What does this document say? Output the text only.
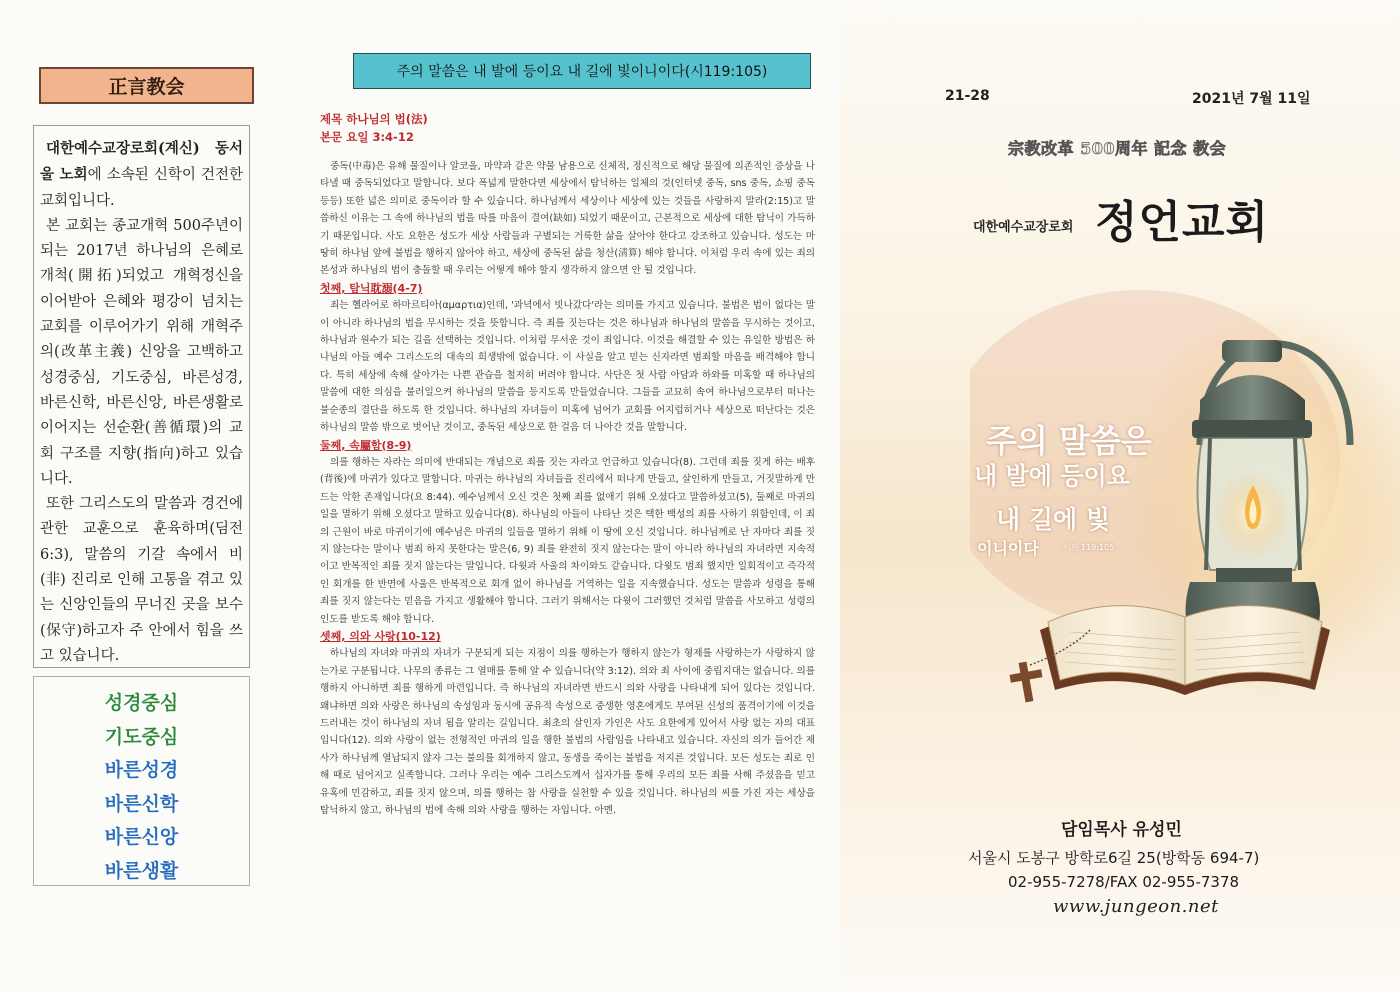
正言教会

대한예수교장로회(계신) 동서울 노회에 소속된 신학이 건전한 교회입니다.

본 교회는 종교개혁 500주년이 되는 2017년 하나님의 은혜로 개척(開拓)되었고 개혁정신을 이어받아 은혜와 평강이 넘치는 교회를 이루어가기 위해 개혁주의(改革主義) 신앙을 고백하고 성경중심, 기도중심, 바른성경, 바른신학, 바른신앙, 바른생활로 이어지는 선순환(善循環)의 교회 구조를 지향(指向)하고 있습니다.

또한 그리스도의 말씀과 경건에 관한 교훈으로 훈육하며(딤전 6:3), 말씀의 기갈 속에서 비(非) 진리로 인해 고통을 겪고 있는 신앙인들의 무너진 곳을 보수(保守)하고자 주 안에서 힘을 쓰고 있습니다.

성경중심
기도중심
바른성경
바른신학
바른신앙
바른생활
주의 말씀은 내 발에 등이요 내 길에 빛이니이다(시119:105)
제목 하나님의 법(法)
본문 요일 3:4-12

중독(中毒)은 유해 물질이나 알코올, 마약과 같은 약물 남용으로 신체적, 정신적으로 해당 물질에 의존적인 증상을 나타낼 때 중독되었다고 말합니다. 보다 폭넓게 말한다면 세상에서 탐닉하는 일체의 것(인터넷 중독, sns 중독, 쇼핑 중독 등등) 또한 넓은 의미로 중독이라 할 수 있습니다. 하나님께서 세상이나 세상에 있는 것들을 사랑하지 말라(2:15)고 말씀하신 이유는 그 속에 하나님의 법을 따를 마음이 결여(缺如) 되었기 때문이고, 근본적으로 세상에 대한 탐닉이 가득하기 때문입니다. 사도 요한은 성도가 세상 사람들과 구별되는 거룩한 삶을 살아야 한다고 강조하고 있습니다. 성도는 마땅히 하나님 앞에 불법을 행하지 않아야 하고, 세상에 중독된 삶을 청산(淸算) 해야 합니다. 이처럼 우리 속에 있는 죄의 본성과 하나님의 법이 충돌할 때 우리는 어떻게 해야 할지 생각하지 않으면 안 될 것입니다.

첫째, 탐닉耽溺(4-7)

죄는 헬라어로 하마르티아(αμαρτια)인데, '과녁에서 빗나갔다'라는 의미를 가지고 있습니다. 불법은 법이 없다는 말이 아니라 하나님의 법을 무시하는 것을 뜻합니다. 즉 죄를 짓는다는 것은 하나님과 하나님의 말씀을 무시하는 것이고, 하나님과 원수가 되는 길을 선택하는 것입니다. 이처럼 무서운 것이 죄입니다. 이것을 해결할 수 있는 유일한 방법은 하나님의 아들 예수 그리스도의 대속의 희생밖에 없습니다. 이 사실을 알고 믿는 신자라면 범죄할 마음을 배격해야 합니다. 특히 세상에 속해 살아가는 나쁜 관습을 철저히 버려야 합니다. 사단은 첫 사람 아담과 하와를 미혹할 때 하나님의 말씀에 대한 의심을 불러일으켜 하나님의 말씀을 등지도록 만들었습니다. 그들을 교묘히 속여 하나님으로부터 떠나는 불순종의 결단을 하도록 한 것입니다. 하나님의 자녀들이 미혹에 넘어가 교회를 어지럽히거나 세상으로 떠난다는 것은 하나님의 말씀 밖으로 벗어난 것이고, 중독된 세상으로 한 걸음 더 나아간 것을 말합니다.

둘째, 속屬함(8-9)

의를 행하는 자라는 의미에 반대되는 개념으로 죄를 짓는 자라고 언급하고 있습니다(8). 그런데 죄를 짓게 하는 배후(背後)에 마귀가 있다고 말합니다. 마귀는 하나님의 자녀들을 진리에서 떠나게 만들고, 살인하게 만들고, 거짓말하게 만드는 악한 존재입니다(요 8:44). 예수님께서 오신 것은 첫째 죄를 없애기 위해 오셨다고 말씀하셨고(5), 둘째로 마귀의 일을 멸하기 위해 오셨다고 말하고 있습니다(8). 하나님의 아들이 나타난 것은 택한 백성의 죄를 사하기 위함인데, 이 죄의 근원이 바로 마귀이기에 예수님은 마귀의 일들을 멸하기 위해 이 땅에 오신 것입니다. 하나님께로 난 자마다 죄를 짓지 않는다는 말이나 범죄 하지 못한다는 말은(6, 9) 죄를 완전히 짓지 않는다는 말이 아니라 하나님의 자녀라면 지속적이고 반복적인 죄를 짓지 않는다는 말입니다. 다윗과 사울의 차이와도 같습니다. 다윗도 범죄 했지만 일회적이고 즉각적인 회개를 한 반면에 사울은 반복적으로 회개 없이 하나님을 거역하는 일을 지속했습니다. 성도는 말씀과 성령을 통해 죄를 짓지 않는다는 믿음을 가지고 생활해야 합니다. 그러기 위해서는 다윗이 그러했던 것처럼 말씀을 사모하고 성령의 인도를 받도록 해야 합니다.

셋째, 의와 사랑(10-12)

하나님의 자녀와 마귀의 자녀가 구분되게 되는 지점이 의를 행하는가 행하지 않는가 형제를 사랑하는가 사랑하지 않는가로 구분됩니다. 나무의 종류는 그 열매를 통해 알 수 있습니다(약 3:12). 의와 죄 사이에 중립지대는 없습니다. 의를 행하지 아니하면 죄를 행하게 마련입니다. 즉 하나님의 자녀라면 반드시 의와 사랑을 나타내게 되어 있다는 것입니다. 왜냐하면 의와 사랑은 하나님의 속성임과 동시에 공유적 속성으로 중생한 영혼에게도 부여된 신성의 품격이기에 이것을 드러내는 것이 하나님의 자녀 됨을 알리는 길입니다. 최초의 살인자 가인은 사도 요한에게 있어서 사랑 없는 자의 대표입니다(12). 의와 사랑이 없는 전형적인 마귀의 일을 행한 불법의 사람임을 나타내고 있습니다. 자신의 의가 들어간 제사가 하나님께 열납되지 않자 그는 불의를 회개하지 않고, 동생을 죽이는 불법을 저지른 것입니다. 모든 성도는 죄로 인해 때로 넘어지고 실족합니다. 그러나 우리는 예수 그리스도께서 십자가를 통해 우리의 모든 죄를 사해 주셨음을 믿고 유혹에 민감하고, 죄를 짓지 않으며, 의를 행하는 참 사랑을 실천할 수 있을 것입니다. 하나님의 씨를 가진 자는 세상을 탐닉하지 않고, 하나님의 법에 속해 의와 사랑을 행하는 자입니다. 아멘.

21-28	2021년 7월 11일
宗教改革 500周年 記念 教会
대한예수교장로회 정언교회
주의 말씀은
내 발에 등이요
내 길에 빛
이니이다	시편 119:105
담임목사 유성민
서울시 도봉구 방학로6길 25(방학동 694-7)
02-955-7278/FAX 02-955-7378
www.jungeon.net
